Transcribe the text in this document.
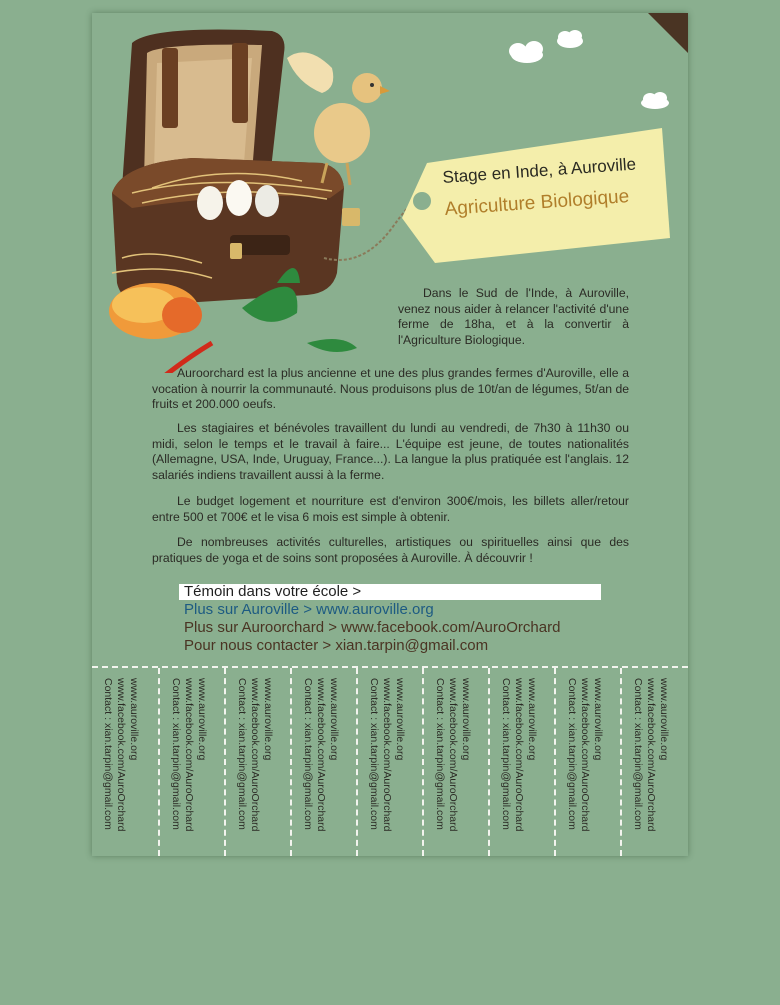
Stage en Inde, à Auroville
Agriculture Biologique

Dans le Sud de l'Inde, à Auroville, venez nous aider à relancer l'activité d'une ferme de 18ha, et à la convertir à l'Agriculture Biologique.

Auroorchard est la plus ancienne et une des plus grandes fermes d'Auroville, elle a vocation à nourrir la communauté. Nous produisons plus de 10t/an de légumes, 5t/an de fruits et 200.000 oeufs.

Les stagiaires et bénévoles travaillent du lundi au vendredi, de 7h30 à 11h30 ou midi, selon le temps et le travail à faire... L'équipe est jeune, de toutes nationalités (Allemagne, USA, Inde, Uruguay, France...). La langue la plus pratiquée est l'anglais. 12 salariés indiens travaillent aussi à la ferme.

Le budget logement et nourriture est d'environ 300€/mois, les billets aller/retour entre 500 et 700€ et le visa 6 mois est simple à obtenir.

De nombreuses activités culturelles, artistiques ou spirituelles ainsi que des pratiques de yoga et de soins sont proposées à Auroville. À découvrir !

Témoin dans votre école >
Plus sur Auroville > www.auroville.org
Plus sur Auroorchard > www.facebook.com/AuroOrchard
Pour nous contacter > xian.tarpin@gmail.com
www.auroville.org
www.facebook.com/AuroOrchard
Contact : xian.tarpin@gmail.com	www.auroville.org
www.facebook.com/AuroOrchard
Contact : xian.tarpin@gmail.com	www.auroville.org
www.facebook.com/AuroOrchard
Contact : xian.tarpin@gmail.com	www.auroville.org
www.facebook.com/AuroOrchard
Contact : xian.tarpin@gmail.com	www.auroville.org
www.facebook.com/AuroOrchard
Contact : xian.tarpin@gmail.com	www.auroville.org
www.facebook.com/AuroOrchard
Contact : xian.tarpin@gmail.com	www.auroville.org
www.facebook.com/AuroOrchard
Contact : xian.tarpin@gmail.com	www.auroville.org
www.facebook.com/AuroOrchard
Contact : xian.tarpin@gmail.com	www.auroville.org
www.facebook.com/AuroOrchard
Contact : xian.tarpin@gmail.com
